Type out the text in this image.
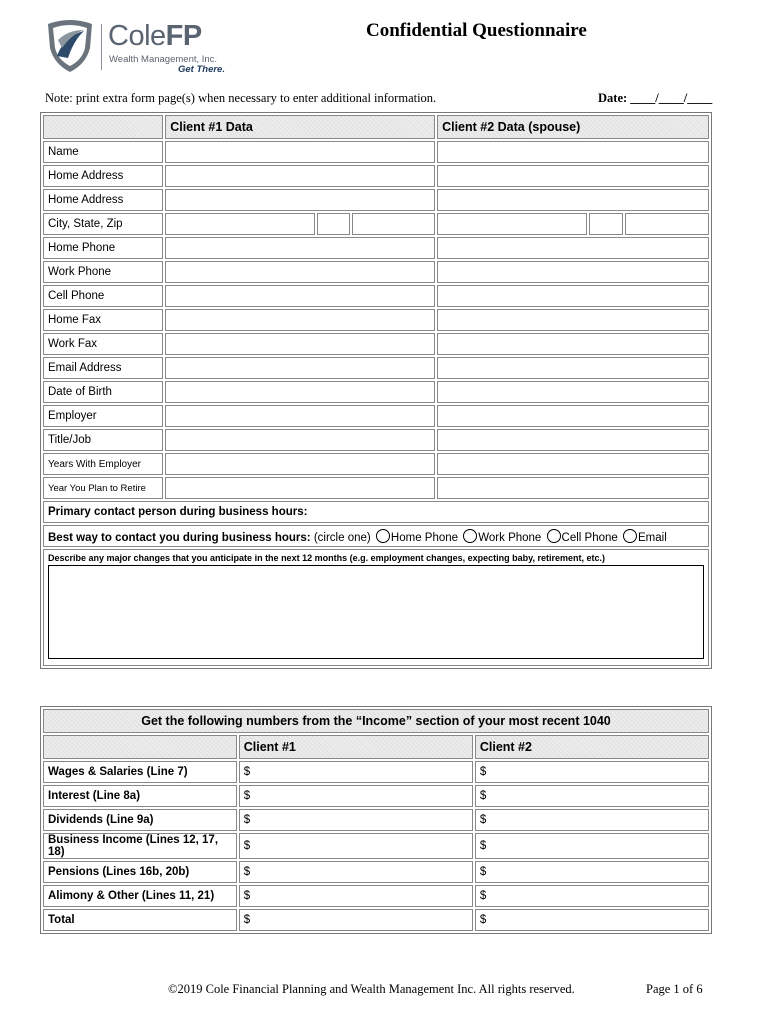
ColeFP
Wealth Management, Inc.
Get There.
Confidential Questionnaire
Note: print extra form page(s) when necessary to enter additional information.	Date: ____/____/____
	Client #1 Data			Client #2 Data (spouse)		
Name						
Home Address						
Home Address						
City, State, Zip						
Home Phone						
Work Phone						
Cell Phone						
Home Fax						
Work Fax						
Email Address						
Date of Birth						
Employer						
Title/Job						
Years With Employer						
Year You Plan to Retire						
Primary contact person during business hours:						
Best way to contact you during business hours: (circle one) Home Phone Work Phone Cell Phone Email						

Describe any major changes that you anticipate in the next 12 months (e.g. employment changes, expecting baby, retirement, etc.)						
Get the following numbers from the “Income” section of your most recent 1040		
	Client #1	Client #2
Wages & Salaries (Line 7)	$	$
Interest (Line 8a)	$	$
Dividends (Line 9a)	$	$
Business Income (Lines 12, 17, 18)	$	$
Pensions (Lines 16b, 20b)	$	$
Alimony & Other (Lines 11, 21)	$	$
Total	$	$
©2019 Cole Financial Planning and Wealth Management Inc. All rights reserved.	Page 1 of 6
